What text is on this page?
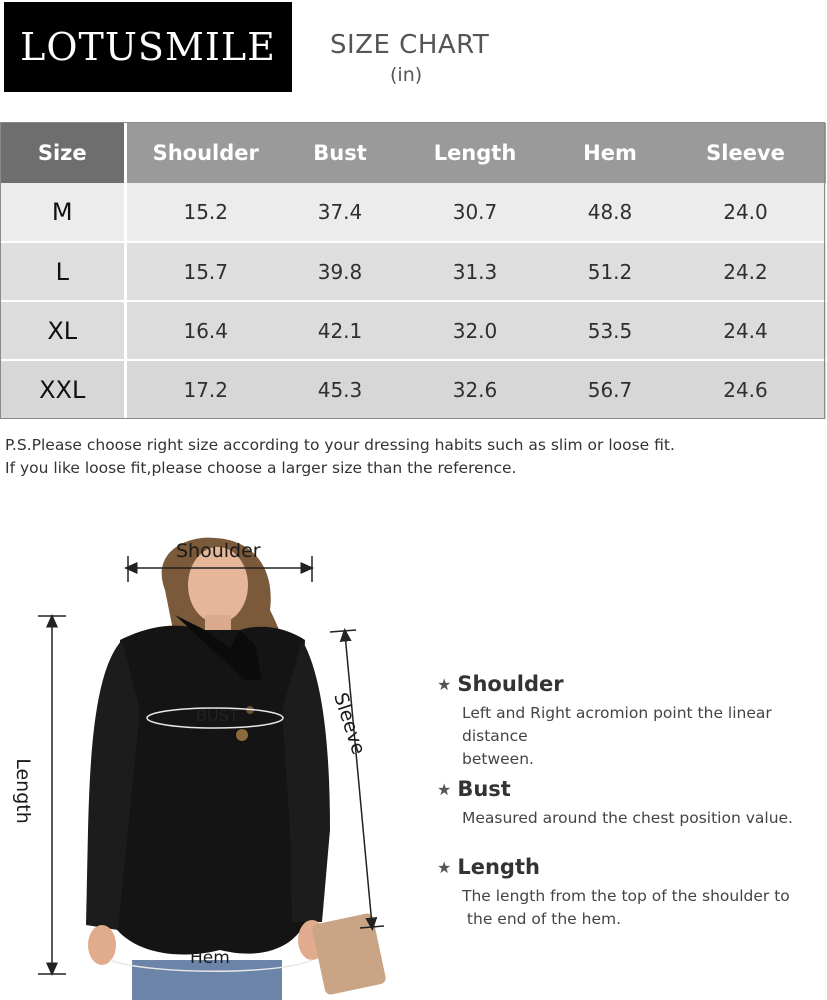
LOTUSMILE SIZE CHART
(in)
Size	Shoulder	Bust	Length	Hem	Sleeve
M	15.2	37.4	30.7	48.8	24.0
L	15.7	39.8	31.3	51.2	24.2
XL	16.4	42.1	32.0	53.5	24.4
XXL	17.2	45.3	32.6	56.7	24.6
P.S.Please choose right size according to your dressing habits such as slim or loose fit.
If you like loose fit,please choose a larger size than the reference.
Shoulder
BUST
Length
Sleeve
Hem
★ Shoulder
Left and Right acromion point the linear distance
between.
★ Bust
Measured around the chest position value.
★ Length
The length from the top of the shoulder to
the end of the hem.
